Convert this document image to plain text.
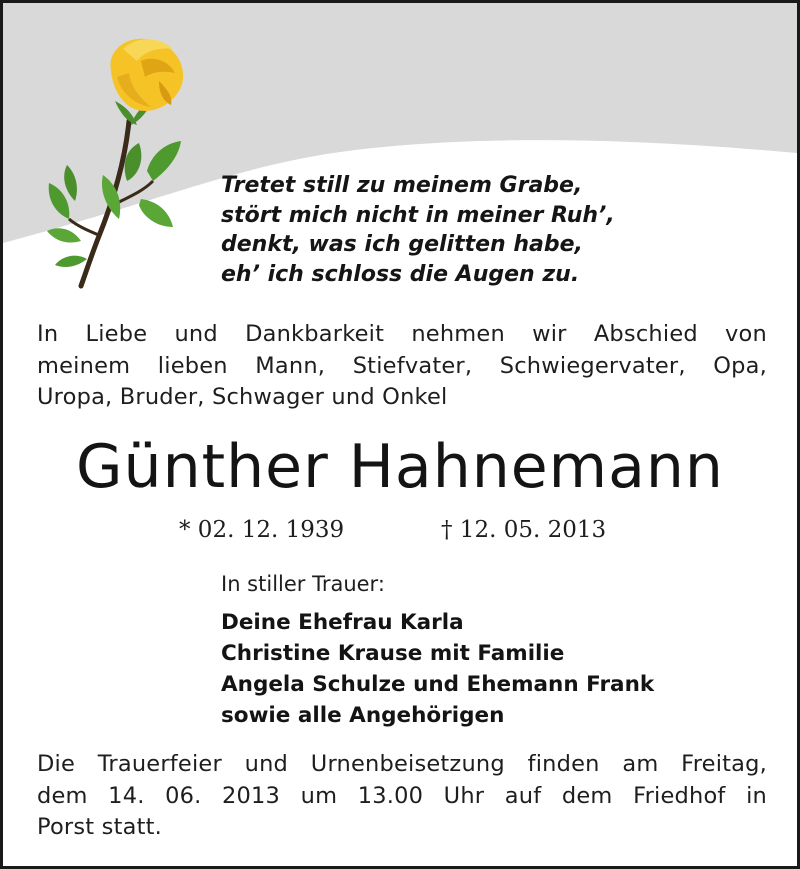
Tretet still zu meinem Grabe,
stört mich nicht in meiner Ruh’,
denkt, was ich gelitten habe,
eh’ ich schloss die Augen zu.
In Liebe und Dankbarkeit nehmen wir Abschied von
meinem lieben Mann, Stiefvater, Schwiegervater, Opa,
Uropa, Bruder, Schwager und Onkel
Günther Hahnemann
* 02. 12. 1939	† 12. 05. 2013
In stiller Trauer:
Deine Ehefrau Karla
Christine Krause mit Familie
Angela Schulze und Ehemann Frank
sowie alle Angehörigen
Die Trauerfeier und Urnenbeisetzung finden am Freitag,
dem 14. 06. 2013 um 13.00 Uhr auf dem Friedhof in
Porst statt.
